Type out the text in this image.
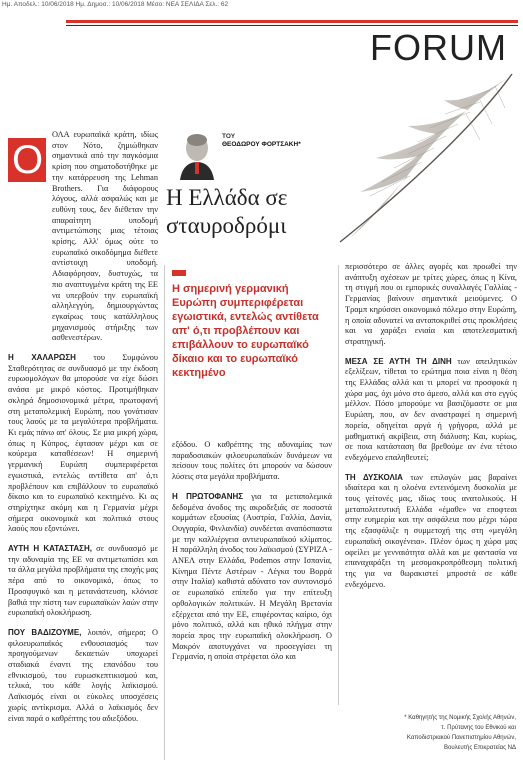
Ημ. Αποδελ.: 10/06/2018 Ημ. Δημοσ.: 10/06/2018 Μέσο: ΝΕΑ ΣΕΛΙΔΑ Σελ.: 62
FORUM
ΤΟΥ
ΘΕΟΔΩΡΟΥ ΦΟΡΤΣΑΚΗ*
Η Ελλάδα σε σταυροδρόμι
Ο

ΟΛΑ ευρωπαϊκά κράτη, ιδίως στον Νότο, ζημιώθηκαν σημαντικά από την παγκόσμια κρίση που σηματοδοτήθηκε με την κατάρρευση της Lehman Brothers. Για διάφορους λόγους, αλλά ασφαλώς και με ευθύνη τους, δεν διέθεταν την απαραίτητη υποδομή αντιμετώπισης μιας τέτοιας κρίσης. Αλλ' όμως ούτε το ευρωπαϊκό οικοδόμημα διέθετε αντίστοιχη υποδομή. Αδιαφόρησαν, δυστυχώς, τα πιο αναπτυγμένα κράτη της ΕΕ να υπερβούν την ευρωπαϊκή αλληλεγγύη, δημιουργώντας εγκαίρως τους κατάλληλους μηχανισμούς στήριξης των ασθενεστέρων.

Η ΧΑΛΑΡΩΣΗ του Συμφώνου Σταθερότητας σε συνδυασμό με την έκδοση ευρωομολόγων θα μπορούσε να είχε δώσει ανάσα με μικρό κόστος. Προτιμήθηκαν σκληρά δημοσιονομικά μέτρα, πρωτοφανή στη μεταπολεμική Ευρώπη, που γονάτισαν τους λαούς με τα μεγαλύτερα προβλήματα. Κι εμάς πάνω απ' όλους. Σε μια μικρή χώρα, όπως η Κύπρος, έφτασαν μέχρι και σε κούρεμα καταθέσεων! Η σημερινή γερμανική Ευρώπη συμπεριφέρεται εγωιστικά, εντελώς αντίθετα απ' ό,τι προβλέπουν και επιβάλλουν το ευρωπαϊκό δίκαιο και το ευρωπαϊκό κεκτημένο. Κι ας στηρίχτηκε ακόμη και η Γερμανία μέχρι σήμερα οικονομικά και πολιτικά στους λαούς που εξοντώνει.

ΑΥΤΗ Η ΚΑΤΑΣΤΑΣΗ, σε συνδυασμό με την αδυναμία της ΕΕ να αντιμετωπίσει και τα άλλα μεγάλα προβλήματα της εποχής μας πέρα από το οικονομικό, όπως το Προσφυγικό και η μετανάστευση, κλόνισε βαθιά την πίστη των ευρωπαϊκών λαών στην ευρωπαϊκή ολοκλήρωση.

ΠΟΥ ΒΑΔΙΖΟΥΜΕ, λοιπόν, σήμερα; Ο φιλοευρωπαϊκός ενθουσιασμός των προηγούμενων δεκαετιών υποχωρεί σταδιακά έναντι της επανόδου του εθνικισμού, του ευρωσκεπτικισμού και, τελικά, του κάθε λογής λαϊκισμού. Λαϊκισμός είναι οι εύκολες υποσχέσεις χωρίς αντίκρισμα. Αλλά ο λαϊκισμός δεν είναι παρά ο καθρέπτης του αδιεξόδου.

Η σημερινή γερμανική Ευρώπη συμπεριφέρεται εγωιστικά, εντελώς αντίθετα απ' ό,τι προβλέπουν και επιβάλλουν το ευρωπαϊκό δίκαιο και το ευρωπαϊκό κεκτημένο

εξόδου. Ο καθρέπτης της αδυναμίας των παραδοσιακών φιλοευρωπαϊκών δυνάμεων να πείσουν τους πολίτες ότι μπορούν να δώσουν λύσεις στα μεγάλα προβλήματα.

Η ΠΡΩΤΟΦΑΝΗΣ για τα μεταπολεμικά δεδομένα άνοδος της ακροδεξιάς σε ποσοστά κομμάτων εξουσίας (Αυστρία, Γαλλία, Δανία, Ουγγαρία, Φινλανδία) συνδέεται αναπόσπαστα με την καλλιέργεια αντιευρωπαϊκού κλίματος. Η παράλληλη άνοδος του λαϊκισμού (ΣΥΡΙΖΑ - ΑΝΕΛ στην Ελλάδα, Podemos στην Ισπανία, Κίνημα Πέντε Αστέρων - Λέγκα του Βορρά στην Ιταλία) καθιστά αδύνατο τον συντονισμό σε ευρωπαϊκό επίπεδο για την επίτευξη ορθολογικών πολιτικών. Η Μεγάλη Βρετανία εξέρχεται από την ΕΕ, επιφέροντας καίριο, όχι μόνο πολιτικό, αλλά και ηθικό πλήγμα στην πορεία προς την ευρωπαϊκή ολοκλήρωση. Ο Μακρόν αποτυγχάνει να προσεγγίσει τη Γερμανία, η οποία στρέφεται όλο και

περισσότερο σε άλλες αγορές και προωθεί την ανάπτυξη σχέσεων με τρίτες χώρες, όπως η Κίνα, τη στιγμή που οι εμπορικές συναλλαγές Γαλλίας - Γερμανίας βαίνουν σημαντικά μειούμενες. Ο Τραμπ κηρύσσει οικονομικό πόλεμο στην Ευρώπη, η οποία αδυνατεί να ανταποκριθεί στις προκλήσεις και να χαράξει ενιαία και αποτελεσματική στρατηγική.

ΜΕΣΑ ΣΕ ΑΥΤΗ ΤΗ ΔΙΝΗ των απειλητικών εξελίξεων, τίθεται το ερώτημα ποια είναι η θέση της Ελλάδας αλλά και τι μπορεί να προσφοκά η χώρα μας, όχι μόνο στο άμεσο, αλλά και στο εγγύς μέλλον. Πόσο μπορούμε να βασιζόμαστε σε μια Ευρώπη, που, αν δεν αναστραφεί η σημερινή πορεία, οδηγείται αργά ή γρήγορα, αλλά με μαθηματική ακρίβεια, στη διάλυση; Και, κυρίως, σε ποια κατάσταση θα βρεθούμε αν ένα τέτοιο ενδεχόμενο επαληθευτεί;

ΤΗ ΔΥΣΚΟΛΙΑ των επιλογών μας βαραίνει ιδιαίτερα και η ολοένα εντεινόμενη δυσκολία με τους γείτονές μας, ιδίως τους ανατολικούς. Η μεταπολιτευτική Ελλάδα «έμαθε» να εποφτεαι στην ευημερία και την ασφάλεια που μέχρι τώρα της εξασφάλιζε η συμμετοχή της στη «μεγάλη ευρωπαϊκή οικογένεια». Πλέον όμως η χώρα μας οφείλει με γενναιότητα αλλά και με φαντασία να επαναχαράξει τη μεσομακροπρόθεσμη πολιτική της για να θωρακιστεί μπροστά σε κάθε ενδεχόμενο.

* Καθηγητής της Νομικής Σχολής Αθηνών,
τ. Πρύτανης του Εθνικού και
Καποδιστριακού Πανεπιστημίου Αθηνών,
Βουλευτής Επικρατείας ΝΔ
